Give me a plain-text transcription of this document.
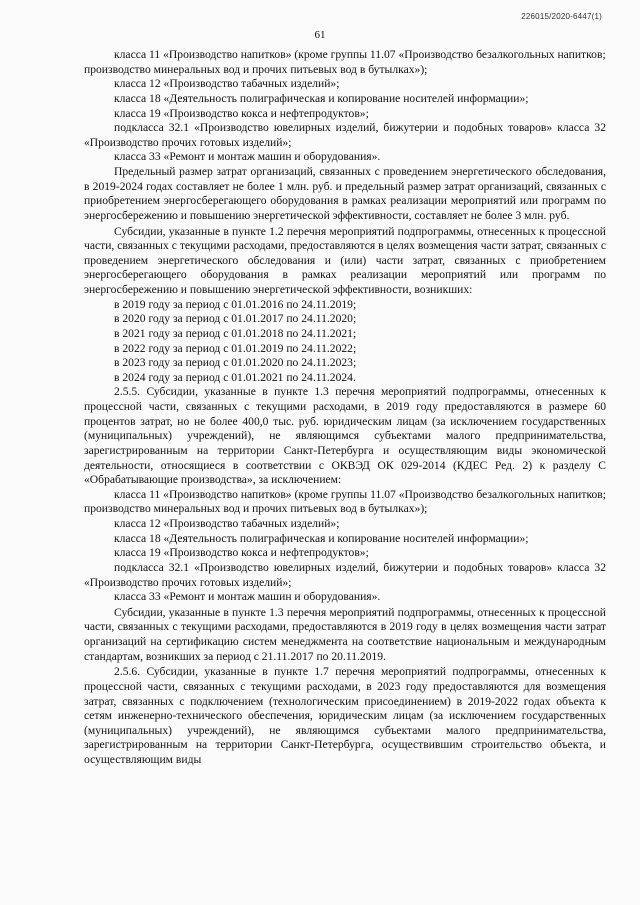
226015/2020-6447(1)
61

класса 11 «Производство напитков» (кроме группы 11.07 «Производство безалкогольных напитков; производство минеральных вод и прочих питьевых вод в бутылках»);

класса 12 «Производство табачных изделий»;

класса 18 «Деятельность полиграфическая и копирование носителей информации»;

класса 19 «Производство кокса и нефтепродуктов»;

подкласса 32.1 «Производство ювелирных изделий, бижутерии и подобных товаров» класса 32 «Производство прочих готовых изделий»;

класса 33 «Ремонт и монтаж машин и оборудования».

Предельный размер затрат организаций, связанных с проведением энергетического обследования, в 2019-2024 годах составляет не более 1 млн. руб. и предельный размер затрат организаций, связанных с приобретением энергосберегающего оборудования в рамках реализации мероприятий или программ по энергосбережению и повышению энергетической эффективности, составляет не более 3 млн. руб.

Субсидии, указанные в пункте 1.2 перечня мероприятий подпрограммы, отнесенных к процессной части, связанных с текущими расходами, предоставляются в целях возмещения части затрат, связанных с проведением энергетического обследования и (или) части затрат, связанных с приобретением энергосберегающего оборудования в рамках реализации мероприятий или программ по энергосбережению и повышению энергетической эффективности, возникших:

в 2019 году за период с 01.01.2016 по 24.11.2019;

в 2020 году за период с 01.01.2017 по 24.11.2020;

в 2021 году за период с 01.01.2018 по 24.11.2021;

в 2022 году за период с 01.01.2019 по 24.11.2022;

в 2023 году за период с 01.01.2020 по 24.11.2023;

в 2024 году за период с 01.01.2021 по 24.11.2024.

2.5.5. Субсидии, указанные в пункте 1.3 перечня мероприятий подпрограммы, отнесенных к процессной части, связанных с текущими расходами, в 2019 году предоставляются в размере 60 процентов затрат, но не более 400,0 тыс. руб. юридическим лицам (за исключением государственных (муниципальных) учреждений), не являющимся субъектами малого предпринимательства, зарегистрированным на территории Санкт-Петербурга и осуществляющим виды экономической деятельности, относящиеся в соответствии с ОКВЭД ОК 029-2014 (КДЕС Ред. 2) к разделу С «Обрабатывающие производства», за исключением:

класса 11 «Производство напитков» (кроме группы 11.07 «Производство безалкогольных напитков; производство минеральных вод и прочих питьевых вод в бутылках»);

класса 12 «Производство табачных изделий»;

класса 18 «Деятельность полиграфическая и копирование носителей информации»;

класса 19 «Производство кокса и нефтепродуктов»;

подкласса 32.1 «Производство ювелирных изделий, бижутерии и подобных товаров» класса 32 «Производство прочих готовых изделий»;

класса 33 «Ремонт и монтаж машин и оборудования».

Субсидии, указанные в пункте 1.3 перечня мероприятий подпрограммы, отнесенных к процессной части, связанных с текущими расходами, предоставляются в 2019 году в целях возмещения части затрат организаций на сертификацию систем менеджмента на соответствие национальным и международным стандартам, возникших за период с 21.11.2017 по 20.11.2019.

2.5.6. Субсидии, указанные в пункте 1.7 перечня мероприятий подпрограммы, отнесенных к процессной части, связанных с текущими расходами, в 2023 году предоставляются для возмещения затрат, связанных с подключением (технологическим присоединением) в 2019-2022 годах объекта к сетям инженерно-технического обеспечения, юридическим лицам (за исключением государственных (муниципальных) учреждений), не являющимся субъектами малого предпринимательства, зарегистрированным на территории Санкт-Петербурга, осуществившим строительство объекта, и осуществляющим виды
